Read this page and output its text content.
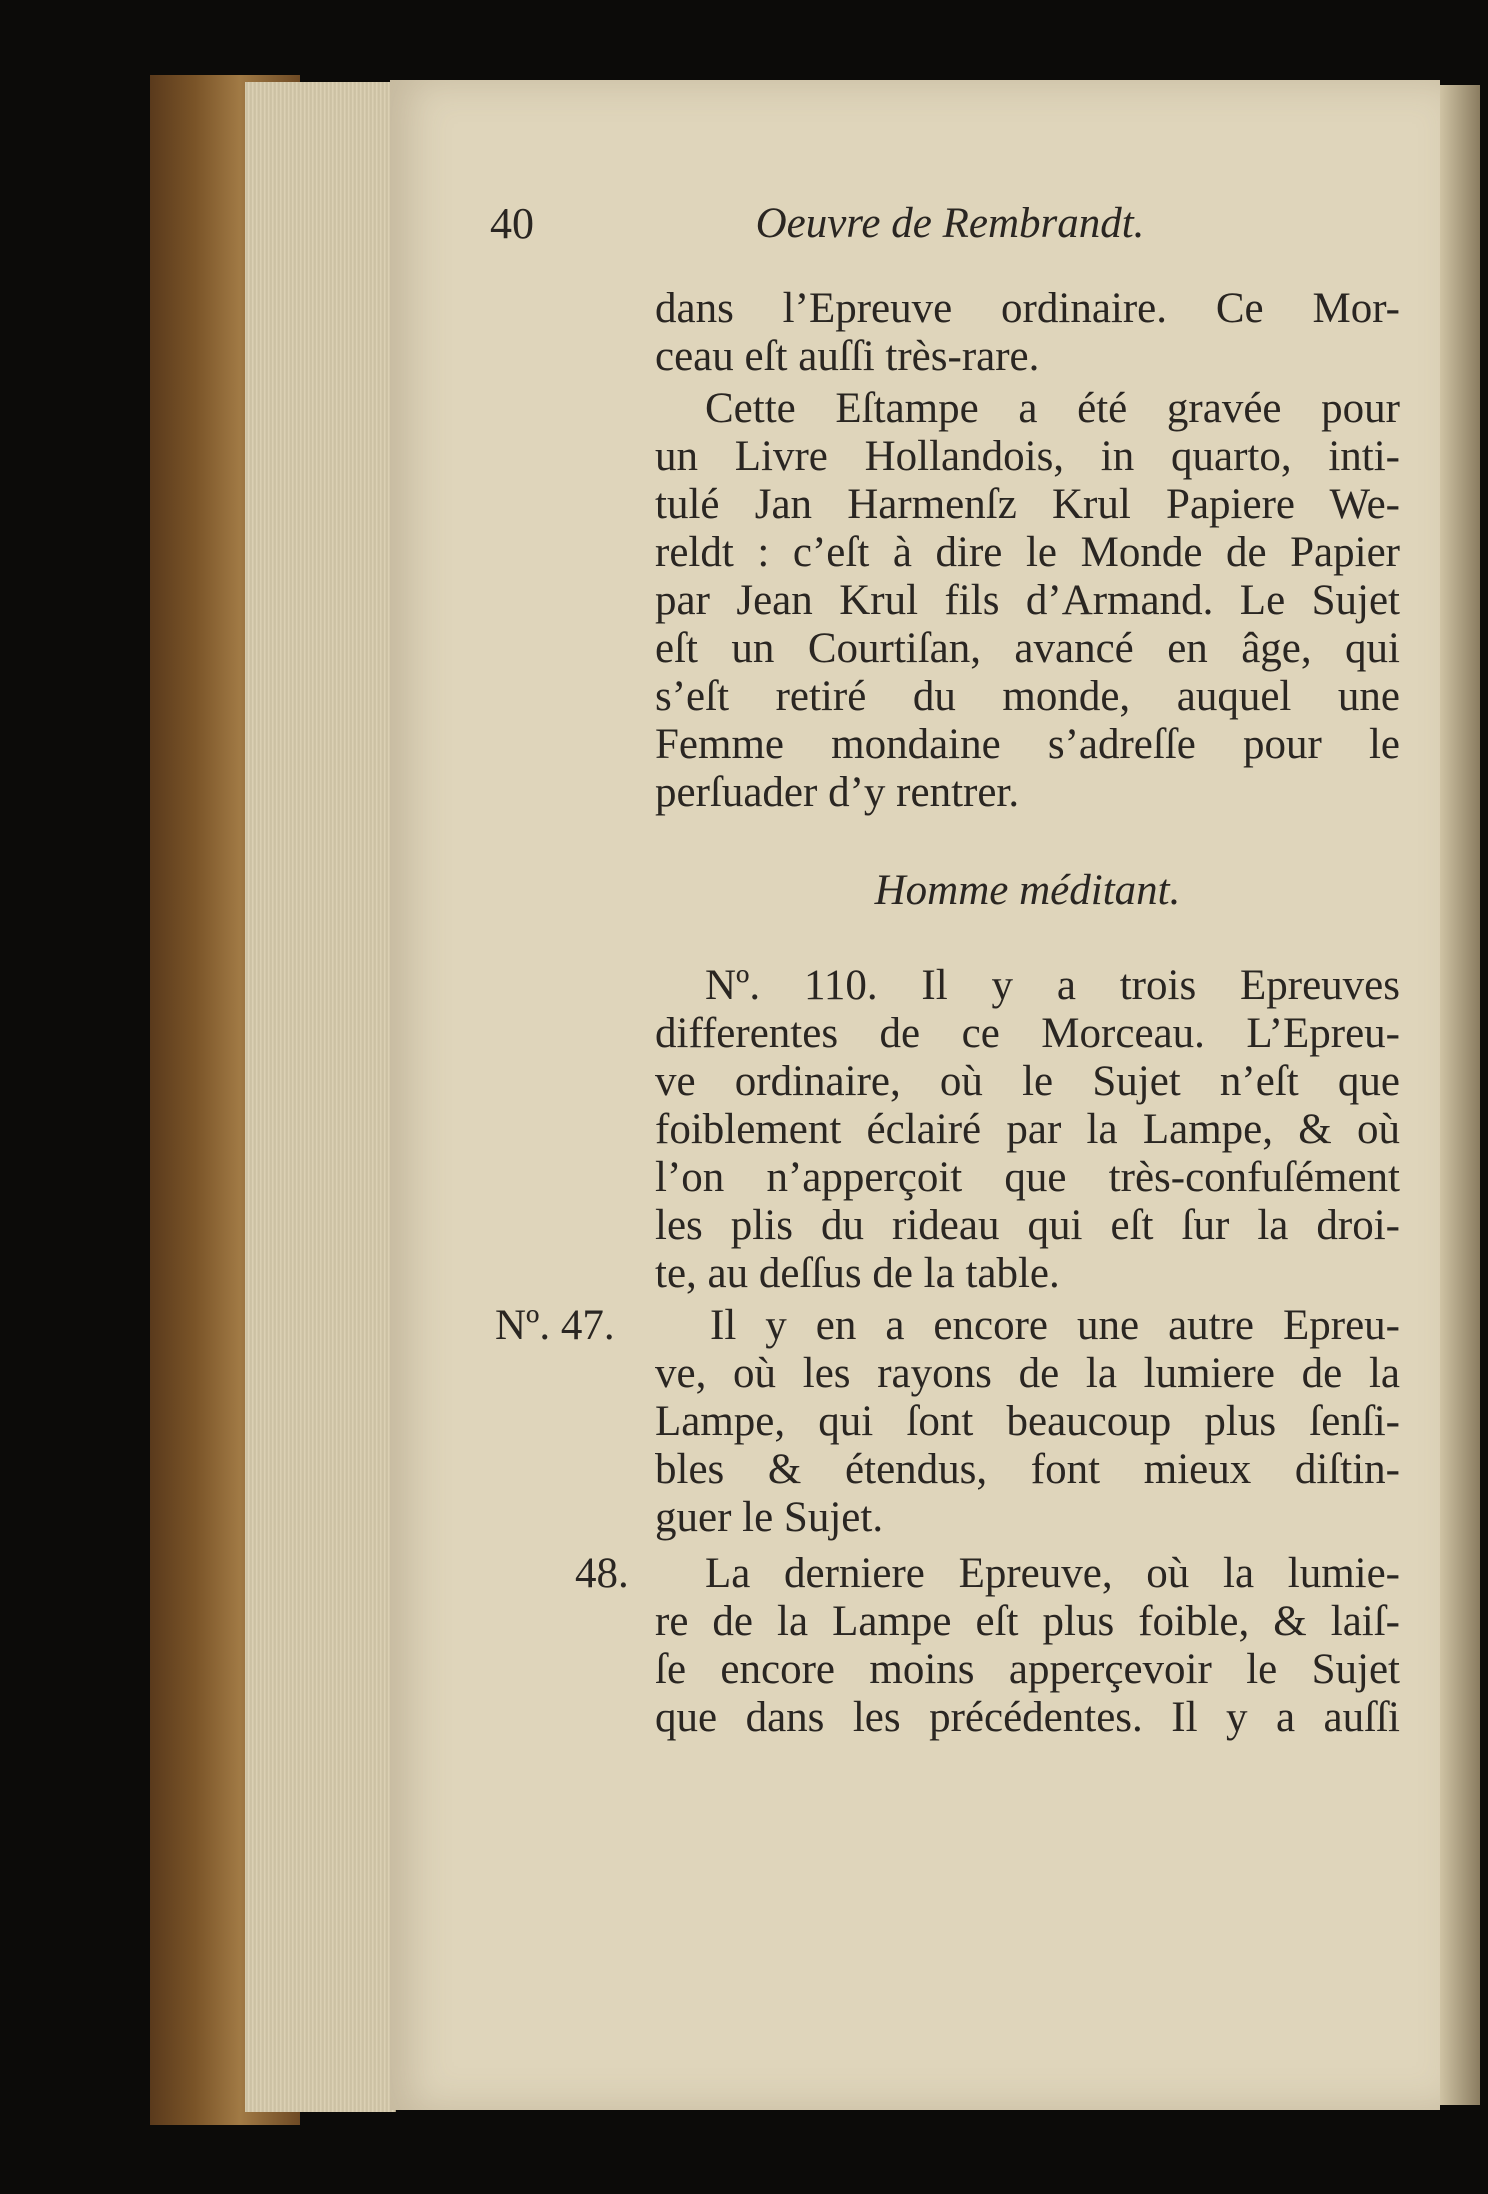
40	Oeuvre de Rembrandt.
dans l’Epreuve ordinaire. Ce Mor-
ceau eſt auſſi très-rare.
Cette Eſtampe a été gravée pour
un Livre Hollandois, in quarto, inti-
tulé Jan Harmenſz Krul Papiere We-
reldt : c’eſt à dire le Monde de Papier
par Jean Krul fils d’Armand. Le Sujet
eſt un Courtiſan, avancé en âge, qui
s’eſt retiré du monde, auquel une
Femme mondaine s’adreſſe pour le
perſuader d’y rentrer.
Homme méditant.
Nº. 110. Il y a trois Epreuves
differentes de ce Morceau. L’Epreu-
ve ordinaire, où le Sujet n’eſt que
foiblement éclairé par la Lampe, & où
l’on n’apperçoit que très-confuſément
les plis du rideau qui eſt ſur la droi-
te, au deſſus de la table.
Nº. 47. Il y en a encore une autre Epreu-
ve, où les rayons de la lumiere de la
Lampe, qui ſont beaucoup plus ſenſi-
bles & étendus, font mieux diſtin-
guer le Sujet.
48. La derniere Epreuve, où la lumie-
re de la Lampe eſt plus foible, & laiſ-
ſe encore moins apperçevoir le Sujet
que dans les précédentes. Il y a auſſi
